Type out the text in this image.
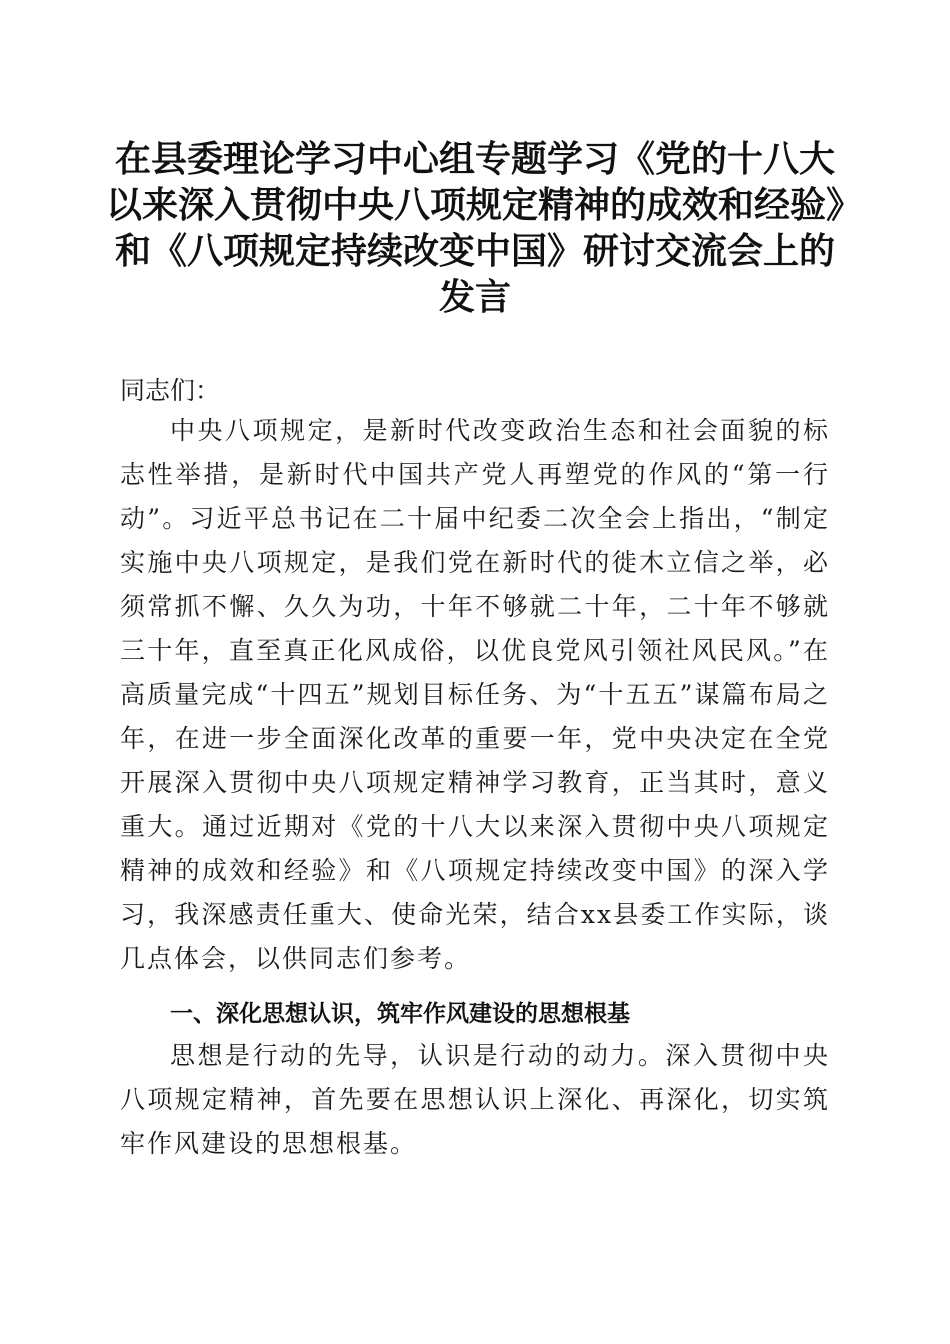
在县委理论学习中心组专题学习《党的十八大以来深入贯彻中央八项规定精神的成效和经验》和《八项规定持续改变中国》研讨交流会上的发言
同志们：
中央八项规定，是新时代改变政治生态和社会面貌的标志性举措，是新时代中国共产党人再塑党的作风的“第一行动”。习近平总书记在二十届中纪委二次全会上指出，“制定实施中央八项规定，是我们党在新时代的徙木立信之举，必须常抓不懈、久久为功，十年不够就二十年，二十年不够就三十年，直至真正化风成俗，以优良党风引领社风民风。”在高质量完成“十四五”规划目标任务、为“十五五”谋篇布局之年，在进一步全面深化改革的重要一年，党中央决定在全党开展深入贯彻中央八项规定精神学习教育，正当其时，意义重大。通过近期对《党的十八大以来深入贯彻中央八项规定精神的成效和经验》和《八项规定持续改变中国》的深入学习，我深感责任重大、使命光荣，结合xx县委工作实际，谈几点体会，以供同志们参考。
一、深化思想认识，筑牢作风建设的思想根基
思想是行动的先导，认识是行动的动力。深入贯彻中央八项规定精神，首先要在思想认识上深化、再深化，切实筑牢作风建设的思想根基。
